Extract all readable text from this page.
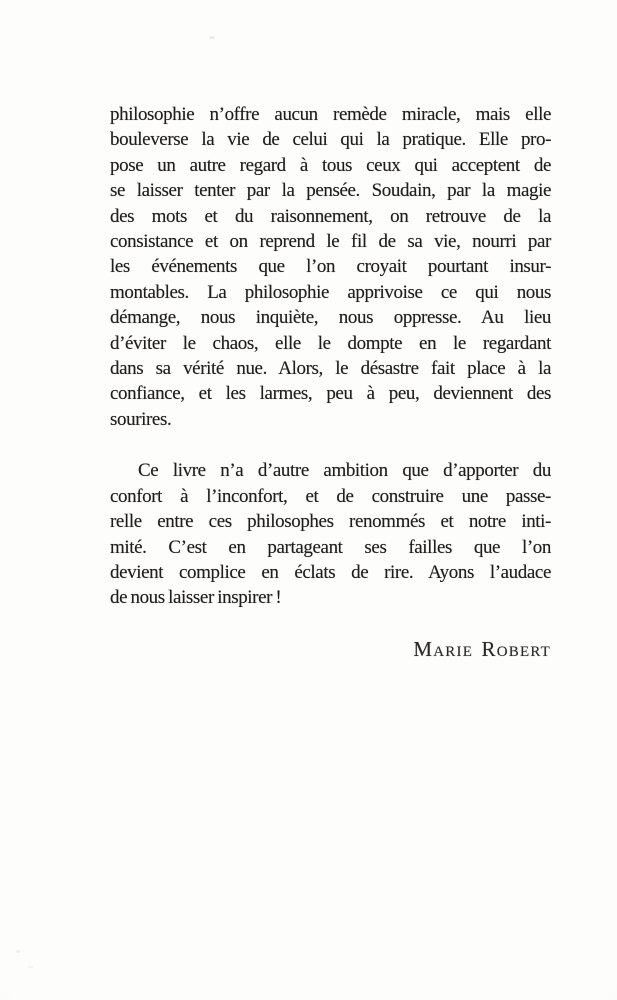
philosophie n’offre aucun remède miracle, mais elle
bouleverse la vie de celui qui la pratique. Elle pro-
pose un autre regard à tous ceux qui acceptent de
se laisser tenter par la pensée. Soudain, par la magie
des mots et du raisonnement, on retrouve de la
consistance et on reprend le fil de sa vie, nourri par
les événements que l’on croyait pourtant insur-
montables. La philosophie apprivoise ce qui nous
démange, nous inquiète, nous oppresse. Au lieu
d’éviter le chaos, elle le dompte en le regardant
dans sa vérité nue. Alors, le désastre fait place à la
confiance, et les larmes, peu à peu, deviennent des
sourires.

Ce livre n’a d’autre ambition que d’apporter du
confort à l’inconfort, et de construire une passe-
relle entre ces philosophes renommés et notre inti-
mité. C’est en partageant ses failles que l’on
devient complice en éclats de rire. Ayons l’audace
de nous laisser inspirer !

Marie Robert
